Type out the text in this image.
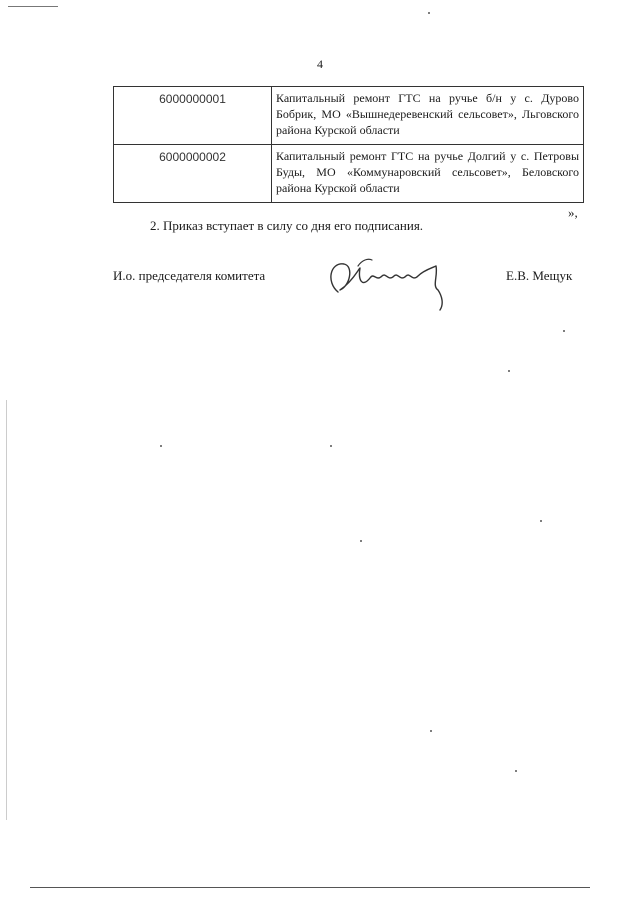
4
6000000001	Капитальный ремонт ГТС на ручье б/н у с. Дурово Бобрик, МО «Вышнедеревенский сельсовет», Льговского района Курской области
6000000002	Капитальный ремонт ГТС на ручье Долгий у с. Петровы Буды, МО «Коммунаровский сельсовет», Беловского района Курской области
»,
2. Приказ вступает в силу со дня его подписания.
И.о. председателя комитета	Е.В. Мещук
